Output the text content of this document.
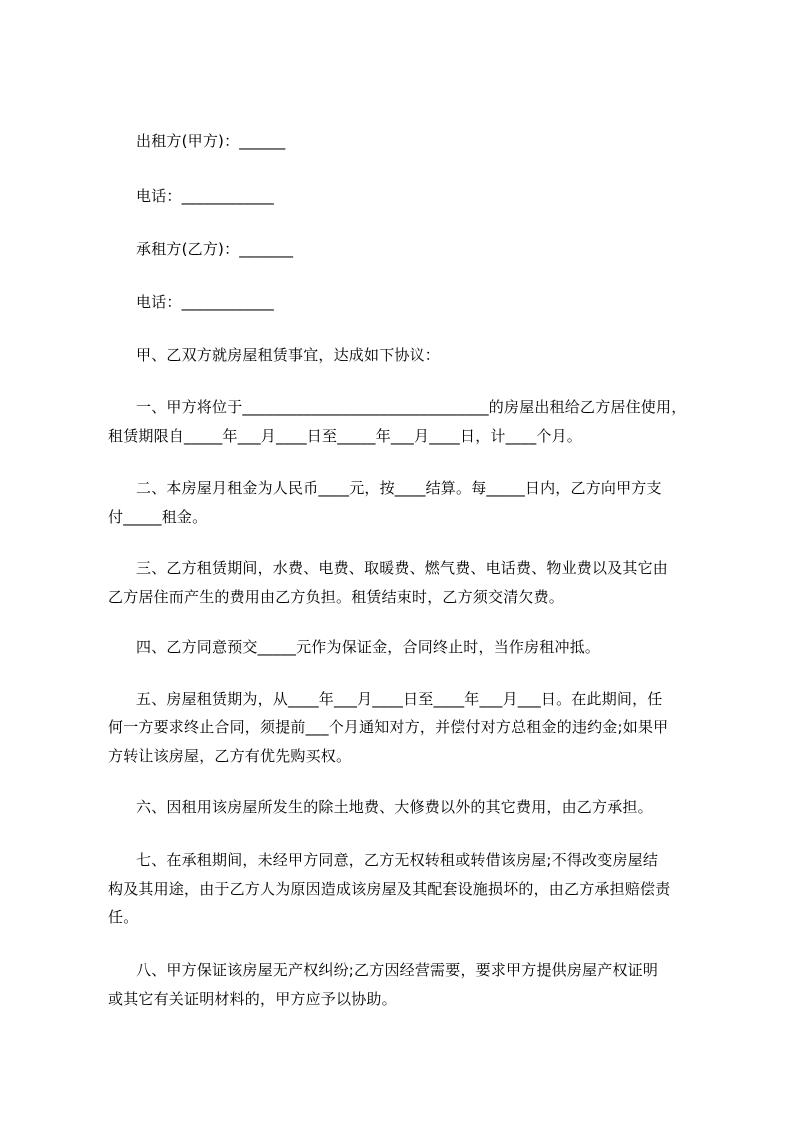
出租方(甲方)：______
电话：____________
承租方(乙方)：_______
电话：____________
甲、乙双方就房屋租赁事宜，达成如下协议：
一、甲方将位于________________________________的房屋出租给乙方居住使用，
租赁期限自_____年___月____日至_____年___月____日，计____个月。
二、本房屋月租金为人民币____元，按____结算。每_____日内，乙方向甲方支
付_____租金。
三、乙方租赁期间，水费、电费、取暖费、燃气费、电话费、物业费以及其它由
乙方居住而产生的费用由乙方负担。租赁结束时，乙方须交清欠费。
四、乙方同意预交_____元作为保证金，合同终止时，当作房租冲抵。
五、房屋租赁期为，从____年___月____日至____年___月___日。在此期间，任
何一方要求终止合同，须提前___个月通知对方，并偿付对方总租金的违约金;如果甲
方转让该房屋，乙方有优先购买权。
六、因租用该房屋所发生的除土地费、大修费以外的其它费用，由乙方承担。
七、在承租期间，未经甲方同意，乙方无权转租或转借该房屋;不得改变房屋结
构及其用途，由于乙方人为原因造成该房屋及其配套设施损坏的，由乙方承担赔偿责
任。
八、甲方保证该房屋无产权纠纷;乙方因经营需要，要求甲方提供房屋产权证明
或其它有关证明材料的，甲方应予以协助。
